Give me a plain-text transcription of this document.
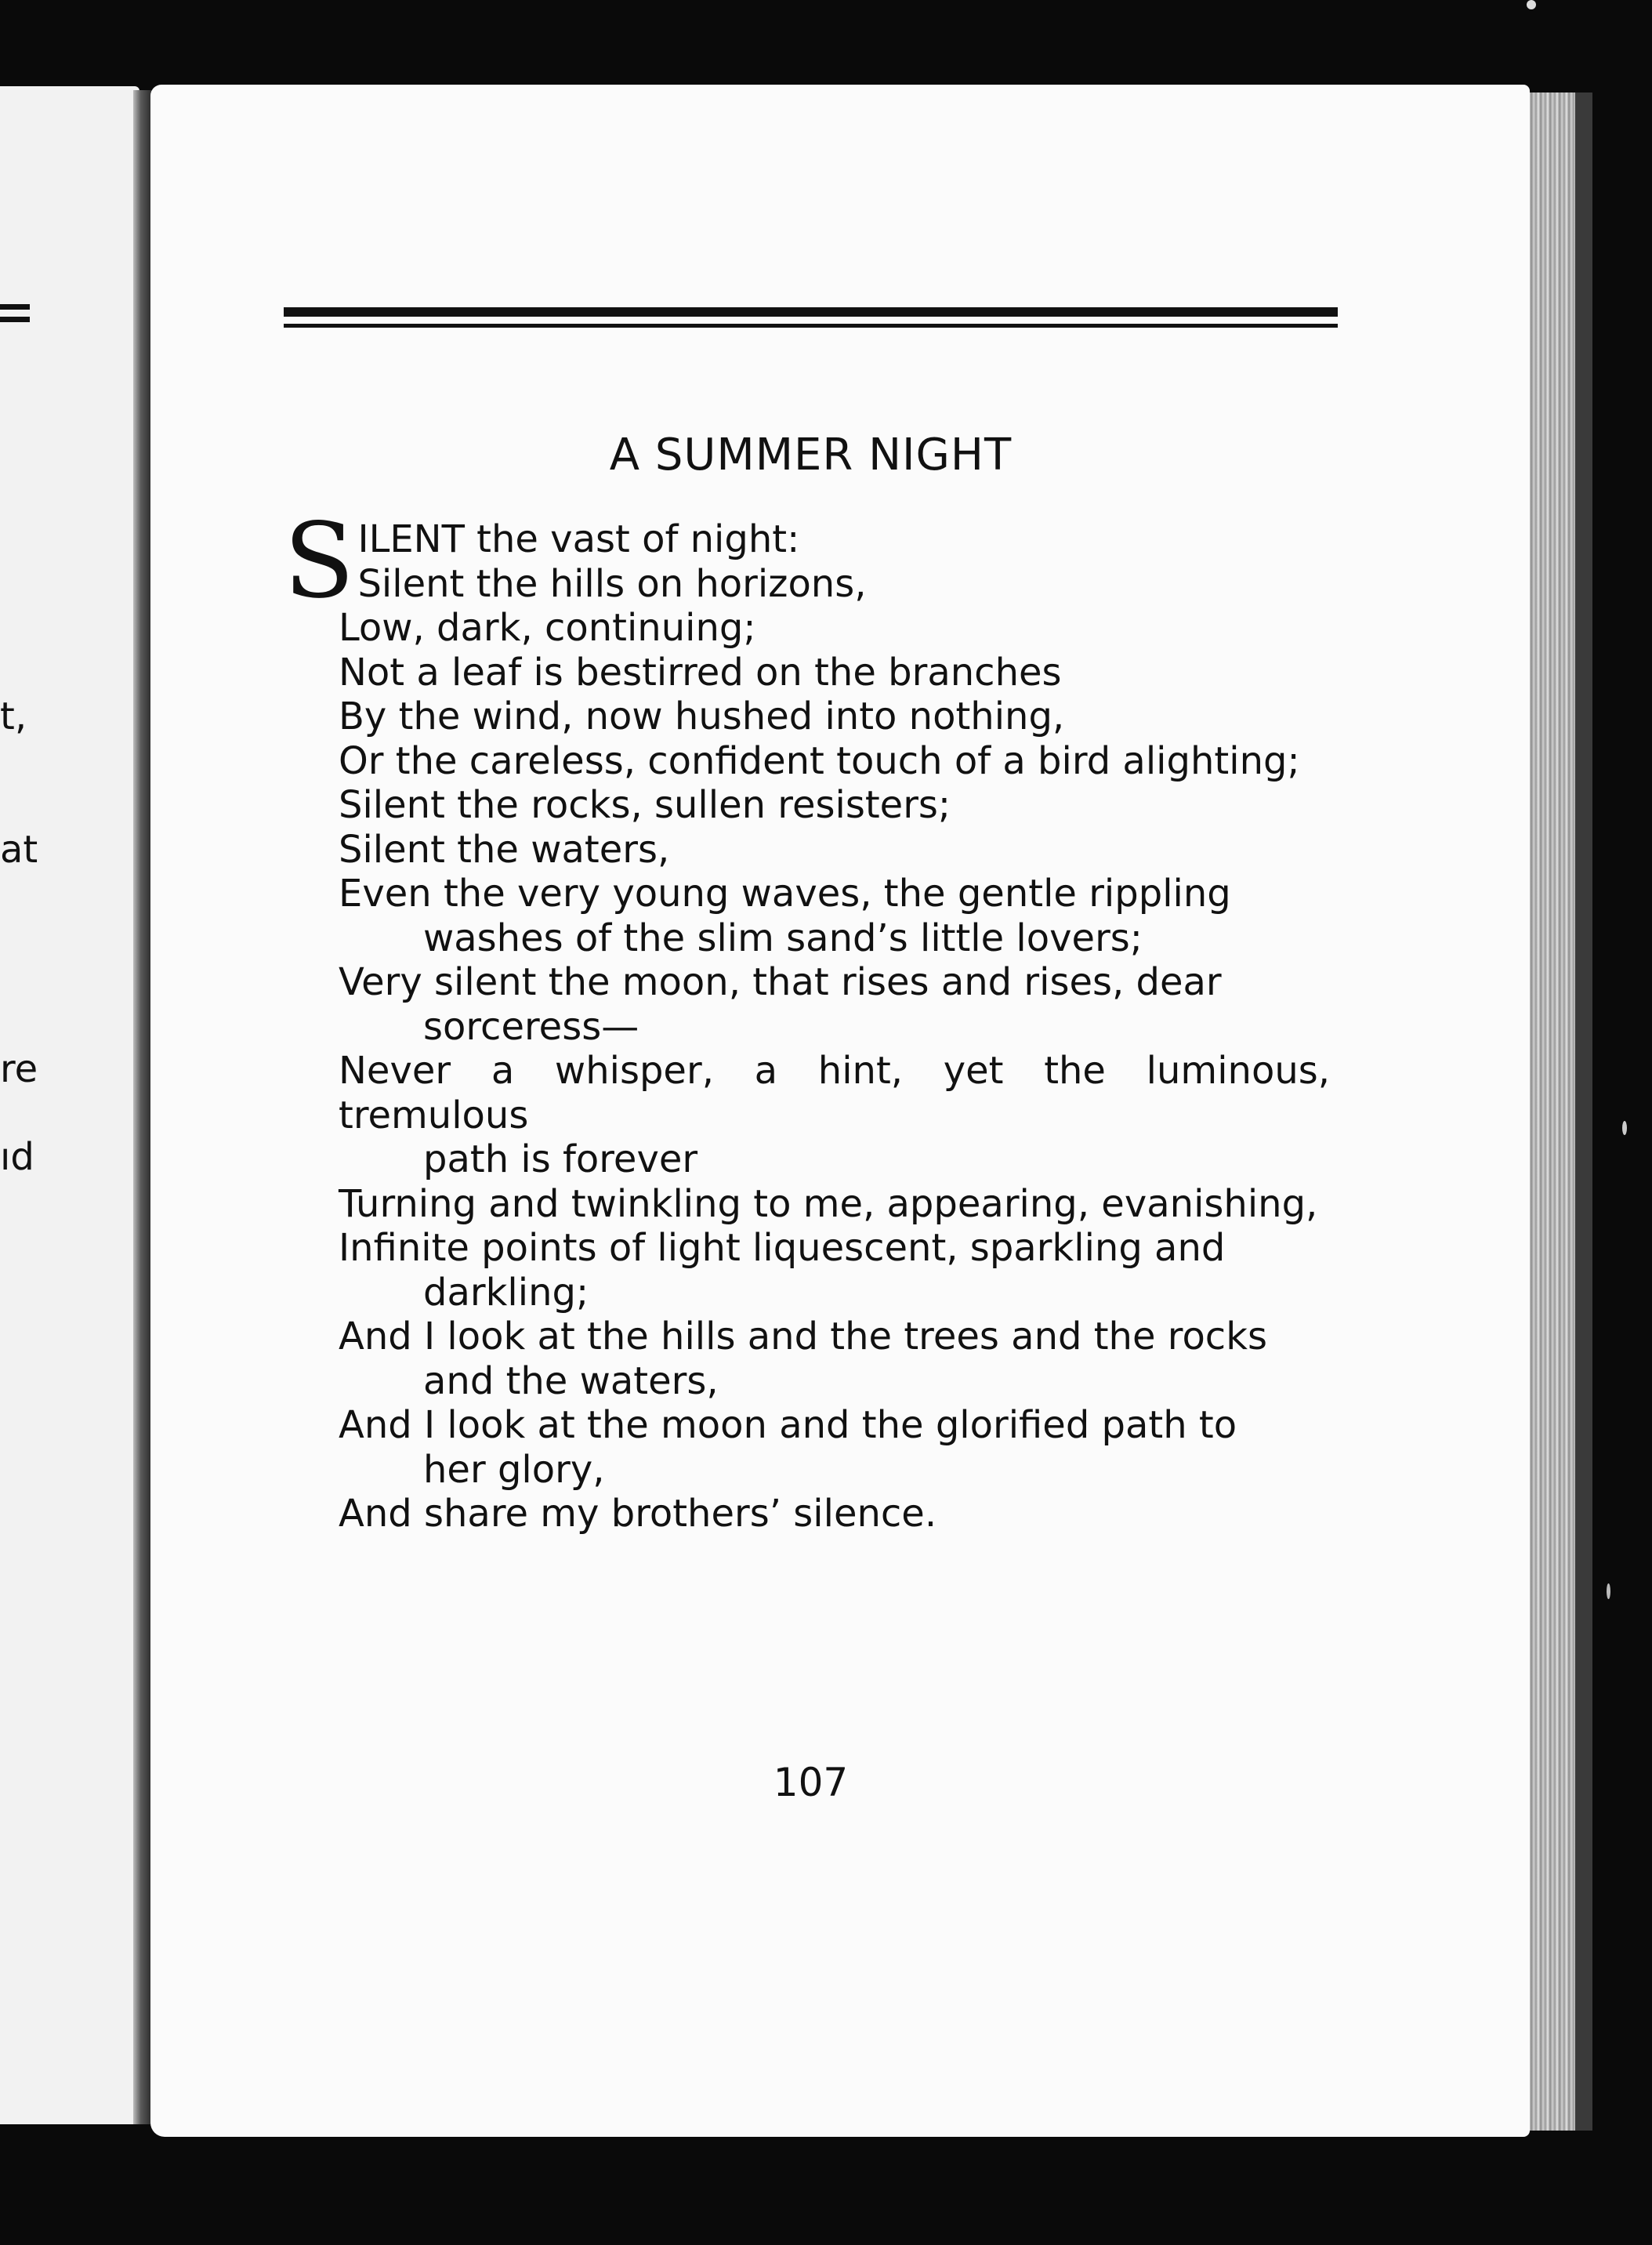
t,
at
re
ıd
A SUMMER NIGHT
S ILENT the vast of night:
Silent the hills on horizons,
Low, dark, continuing;
Not a leaf is bestirred on the branches
By the wind, now hushed into nothing,
Or the careless, confident touch of a bird alighting;
Silent the rocks, sullen resisters;
Silent the waters,
Even the very young waves, the gentle rippling
washes of the slim sand’s little lovers;
Very silent the moon, that rises and rises, dear
sorceress—
Never a whisper, a hint, yet the luminous, tremulous
path is forever
Turning and twinkling to me, appearing, evanishing,
Infinite points of light liquescent, sparkling and
darkling;
And I look at the hills and the trees and the rocks
and the waters,
And I look at the moon and the glorified path to
her glory,
And share my brothers’ silence.
107
